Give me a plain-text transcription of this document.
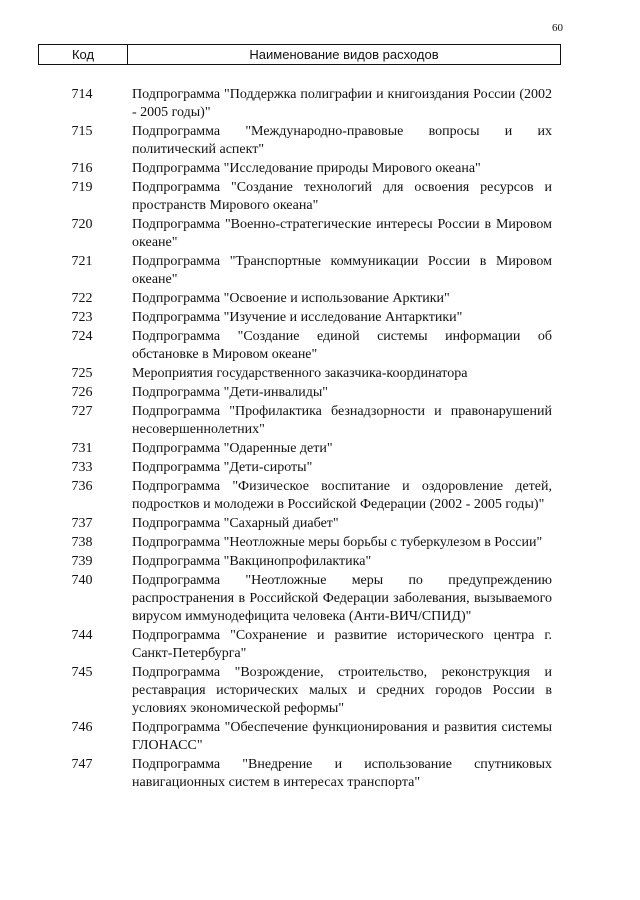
60
Код	Наименование видов расходов
714	Подпрограмма "Поддержка полиграфии и книгоиздания России (2002 - 2005 годы)"
715	Подпрограмма "Международно-правовые вопросы и их политический аспект"
716	Подпрограмма "Исследование природы Мирового океана"
719	Подпрограмма "Создание технологий для освоения ресурсов и пространств Мирового океана"
720	Подпрограмма "Военно-стратегические интересы России в Мировом океане"
721	Подпрограмма "Транспортные коммуникации России в Мировом океане"
722	Подпрограмма "Освоение и использование Арктики"
723	Подпрограмма "Изучение и исследование Антарктики"
724	Подпрограмма "Создание единой системы информации об обстановке в Мировом океане"
725	Мероприятия государственного заказчика-координатора
726	Подпрограмма "Дети-инвалиды"
727	Подпрограмма "Профилактика безнадзорности и правонарушений несовершеннолетних"
731	Подпрограмма "Одаренные дети"
733	Подпрограмма "Дети-сироты"
736	Подпрограмма "Физическое воспитание и оздоровление детей, подростков и молодежи в Российской Федерации (2002 - 2005 годы)"
737	Подпрограмма "Сахарный диабет"
738	Подпрограмма "Неотложные меры борьбы с туберкулезом в России"
739	Подпрограмма "Вакцинопрофилактика"
740	Подпрограмма "Неотложные меры по предупреждению распространения в Российской Федерации заболевания, вызываемого вирусом иммунодефицита человека (Анти-ВИЧ/СПИД)"
744	Подпрограмма "Сохранение и развитие исторического центра г. Санкт-Петербурга"
745	Подпрограмма "Возрождение, строительство, реконструкция и реставрация исторических малых и средних городов России в условиях экономической реформы"
746	Подпрограмма "Обеспечение функционирования и развития системы ГЛОНАСС"
747	Подпрограмма "Внедрение и использование спутниковых навигационных систем в интересах транспорта"
